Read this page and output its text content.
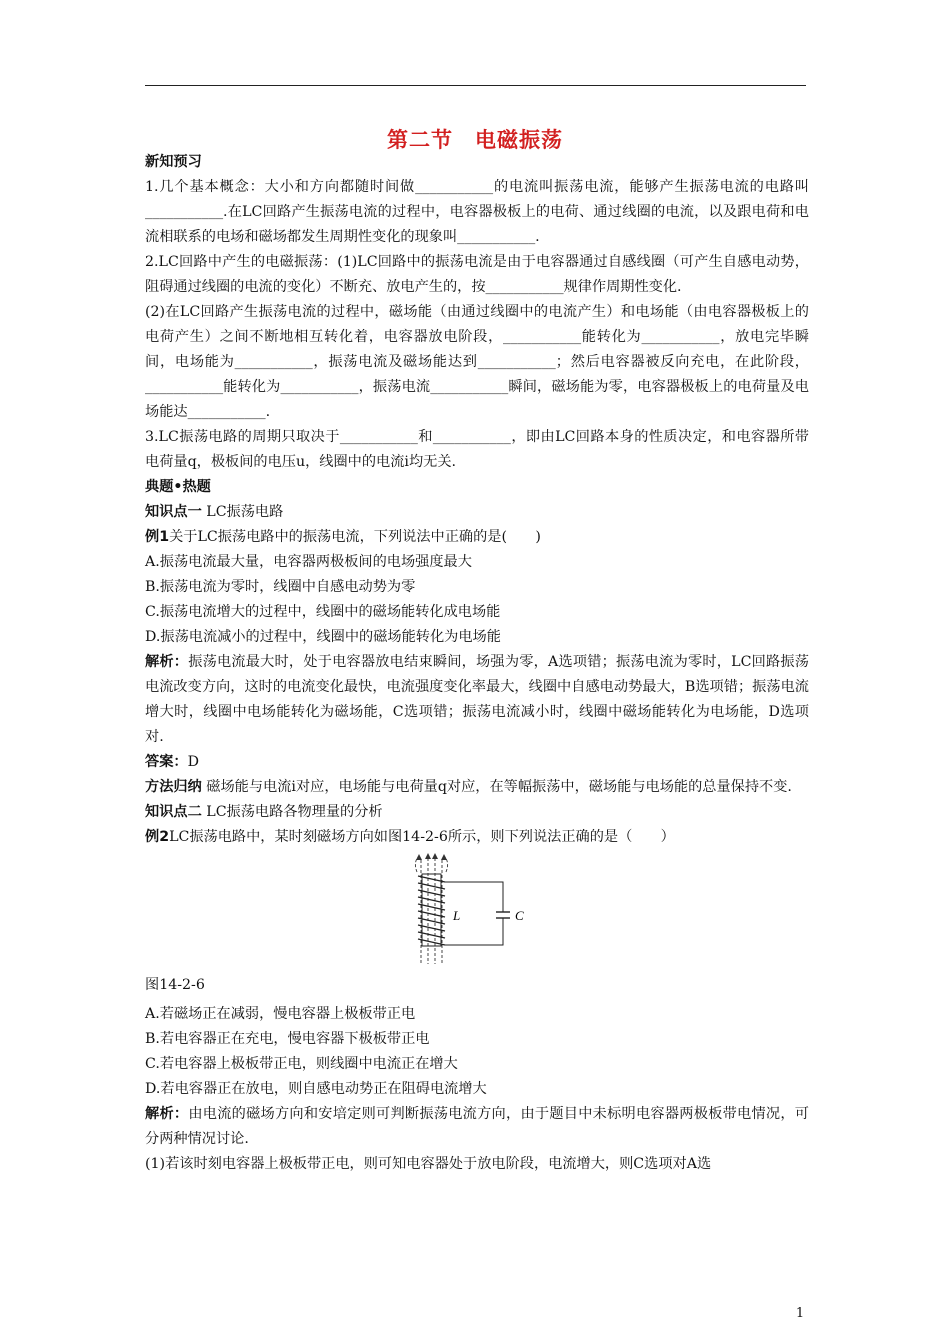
第二节　电磁振荡

新知预习

1.几个基本概念：大小和方向都随时间做___________的电流叫振荡电流，能够产生振荡电流的电路叫___________.在LC回路产生振荡电流的过程中，电容器极板上的电荷、通过线圈的电流，以及跟电荷和电流相联系的电场和磁场都发生周期性变化的现象叫___________.

2.LC回路中产生的电磁振荡：(1)LC回路中的振荡电流是由于电容器通过自感线圈（可产生自感电动势，阻碍通过线圈的电流的变化）不断充、放电产生的，按___________规律作周期性变化.

(2)在LC回路产生振荡电流的过程中，磁场能（由通过线圈中的电流产生）和电场能（由电容器极板上的电荷产生）之间不断地相互转化着，电容器放电阶段，___________能转化为___________，放电完毕瞬间，电场能为___________，振荡电流及磁场能达到___________；然后电容器被反向充电，在此阶段，___________能转化为___________，振荡电流___________瞬间，磁场能为零，电容器极板上的电荷量及电场能达___________.

3.LC振荡电路的周期只取决于___________和___________，即由LC回路本身的性质决定，和电容器所带电荷量q，极板间的电压u，线圈中的电流i均无关.

典题•热题

知识点一 LC振荡电路

例1关于LC振荡电路中的振荡电流，下列说法中正确的是(　　)

A.振荡电流最大量，电容器两极板间的电场强度最大

B.振荡电流为零时，线圈中自感电动势为零

C.振荡电流增大的过程中，线圈中的磁场能转化成电场能

D.振荡电流减小的过程中，线圈中的磁场能转化为电场能

解析：振荡电流最大时，处于电容器放电结束瞬间，场强为零，A选项错；振荡电流为零时，LC回路振荡电流改变方向，这时的电流变化最快，电流强度变化率最大，线圈中自感电动势最大，B选项错；振荡电流增大时，线圈中电场能转化为磁场能，C选项错；振荡电流减小时，线圈中磁场能转化为电场能，D选项对.

答案：D

方法归纳 磁场能与电流i对应，电场能与电荷量q对应，在等幅振荡中，磁场能与电场能的总量保持不变.

知识点二 LC振荡电路各物理量的分析

例2LC振荡电路中，某时刻磁场方向如图14-2-6所示，则下列说法正确的是（　　）

L	C

图14-2-6

A.若磁场正在减弱，慢电容器上极板带正电

B.若电容器正在充电，慢电容器下极板带正电

C.若电容器上极板带正电，则线圈中电流正在增大

D.若电容器正在放电，则自感电动势正在阻碍电流增大

解析：由电流的磁场方向和安培定则可判断振荡电流方向，由于题目中未标明电容器两极板带电情况，可分两种情况讨论.

(1)若该时刻电容器上极板带正电，则可知电容器处于放电阶段，电流增大，则C选项对A选

1
